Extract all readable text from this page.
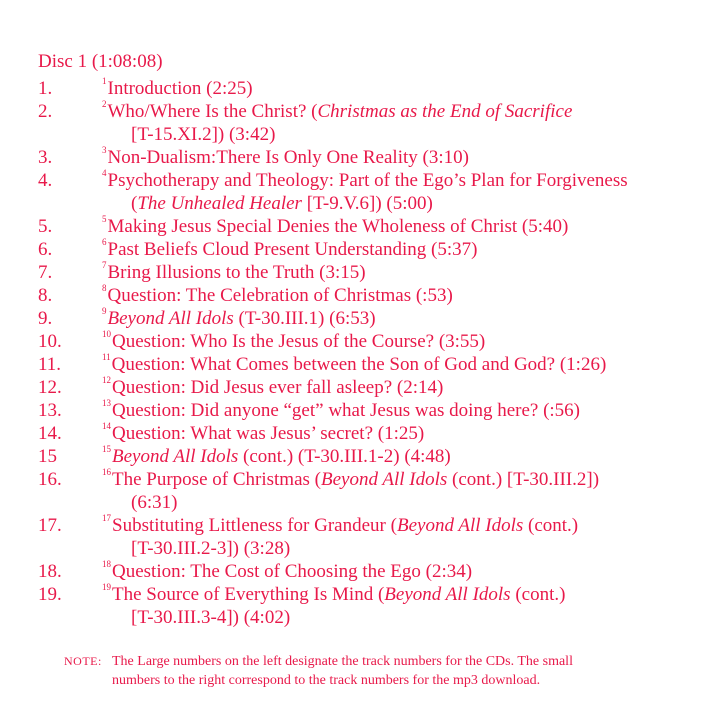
Disc 1 (1:08:08)
1.	$^1$Introduction (2:25)
2.	$^2$Who/Where Is the Christ? (Christmas as the End of Sacrifice
[T-15.XI.2]) (3:42)
3.	$^3$Non-Dualism:There Is Only One Reality (3:10)
4.	$^4$Psychotherapy and Theology: Part of the Ego’s Plan for Forgiveness
(The Unhealed Healer [T-9.V.6]) (5:00)
5.	$^5$Making Jesus Special Denies the Wholeness of Christ (5:40)
6.	$^6$Past Beliefs Cloud Present Understanding (5:37)
7.	$^7$Bring Illusions to the Truth (3:15)
8.	$^8$Question: The Celebration of Christmas (:53)
9.	$^9$Beyond All Idols (T-30.III.1) (6:53)
10.	$^{10}$Question: Who Is the Jesus of the Course? (3:55)
11.	$^{11}$Question: What Comes between the Son of God and God? (1:26)
12.	$^{12}$Question: Did Jesus ever fall asleep? (2:14)
13.	$^{13}$Question: Did anyone “get” what Jesus was doing here? (:56)
14.	$^{14}$Question: What was Jesus’ secret? (1:25)
15	$^{15}$Beyond All Idols (cont.) (T-30.III.1-2) (4:48)
16.	$^{16}$The Purpose of Christmas (Beyond All Idols (cont.) [T-30.III.2])
(6:31)
17.	$^{17}$Substituting Littleness for Grandeur (Beyond All Idols (cont.)
[T-30.III.2-3]) (3:28)
18.	$^{18}$Question: The Cost of Choosing the Ego (2:34)
19.	$^{19}$The Source of Everything Is Mind (Beyond All Idols (cont.)
[T-30.III.3-4]) (4:02)
NOTE: The Large numbers on the left designate the track numbers for the CDs. The small
numbers to the right correspond to the track numbers for the mp3 download.
